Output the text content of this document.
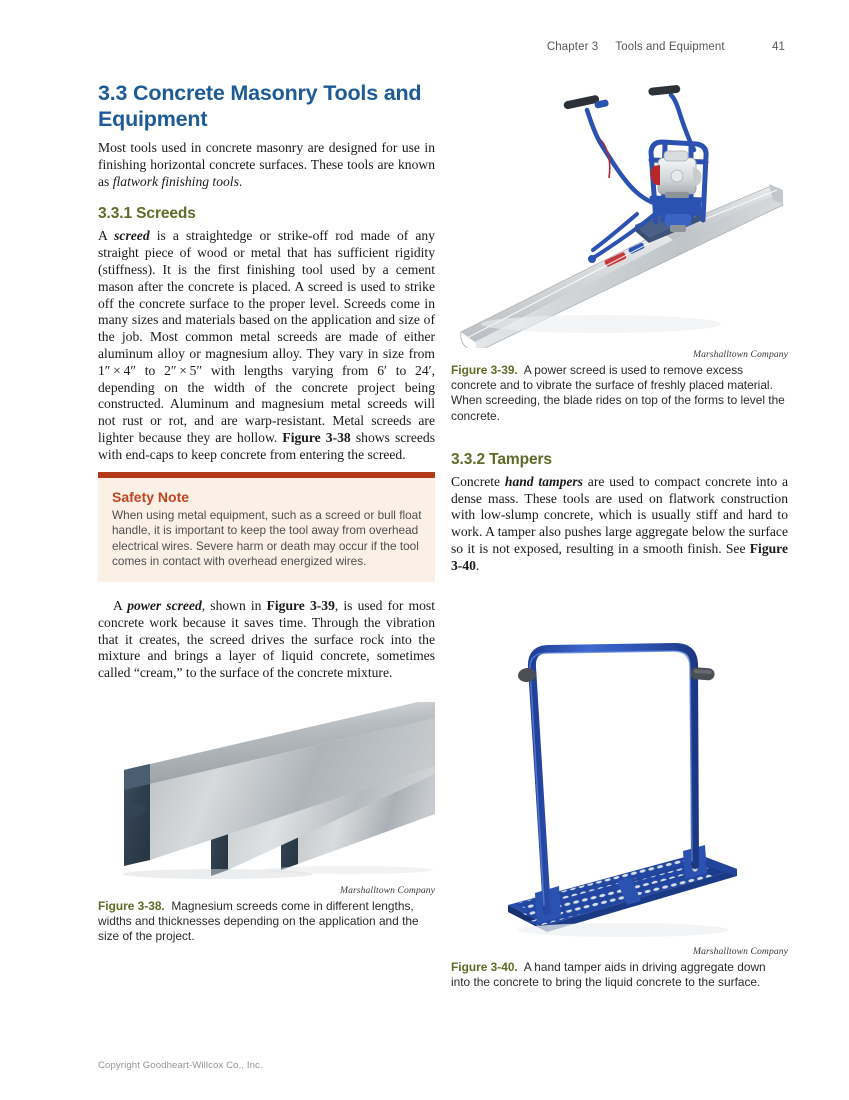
Chapter 3 Tools and Equipment	41
3.3 Concrete Masonry Tools and Equipment

Most tools used in concrete masonry are designed for use in finishing horizontal concrete surfaces. These tools are known as flatwork finishing tools.

3.3.1 Screeds

A screed is a straightedge or strike-off rod made of any straight piece of wood or metal that has sufficient rigidity (stiffness). It is the first finishing tool used by a cement mason after the concrete is placed. A screed is used to strike off the concrete surface to the proper level. Screeds come in many sizes and materials based on the application and size of the job. Most common metal screeds are made of either aluminum alloy or magnesium alloy. They vary in size from 1″ × 4″ to 2″ × 5″ with lengths varying from 6′ to 24′, depending on the width of the concrete project being constructed. Aluminum and magnesium metal screeds will not rust or rot, and are warp-resistant. Metal screeds are lighter because they are hollow. Figure 3-38 shows screeds with end-caps to keep concrete from entering the screed.

Safety Note

When using metal equipment, such as a screed or bull float handle, it is important to keep the tool away from overhead electrical wires. Severe harm or death may occur if the tool comes in contact with overhead energized wires.

A power screed, shown in Figure 3-39, is used for most concrete work because it saves time. Through the vibration that it creates, the screed drives the surface rock into the mixture and brings a layer of liquid concrete, sometimes called “cream,” to the surface of the concrete mixture.

Marshalltown Company

Figure 3-38. Magnesium screeds come in different lengths, widths and thicknesses depending on the application and the size of the project.

Marshalltown Company

Figure 3-39. A power screed is used to remove excess concrete and to vibrate the surface of freshly placed material. When screeding, the blade rides on top of the forms to level the concrete.

3.3.2 Tampers

Concrete hand tampers are used to compact concrete into a dense mass. These tools are used on flatwork construction with low-slump concrete, which is usually stiff and hard to work. A tamper also pushes large aggregate below the surface so it is not exposed, resulting in a smooth finish. See Figure 3-40.

Marshalltown Company

Figure 3-40. A hand tamper aids in driving aggregate down into the concrete to bring the liquid concrete to the surface.

Copyright Goodheart-Willcox Co., Inc.
